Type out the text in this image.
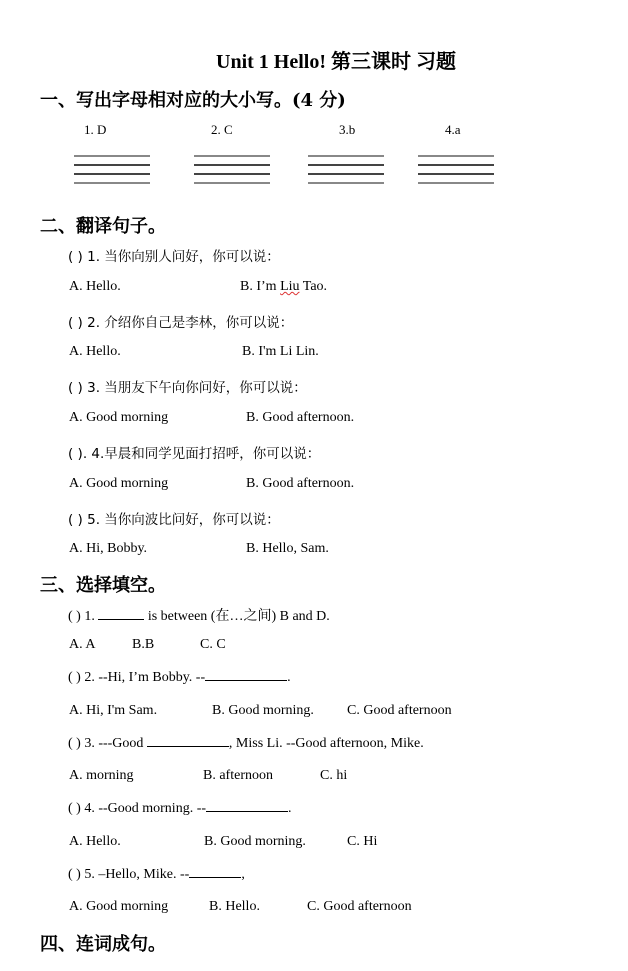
Unit 1 Hello! 第三课时 习题
一、写出字母相对应的大小写。(4 分)
1. D	2. C	3.b	4.a
二、翻译句子。
( ) 1. 当你向别人问好，你可以说：
A. Hello.	B. I’m Liu Tao.
( ) 2. 介绍你自己是李林，你可以说：
A. Hello.	B. I'm Li Lin.
( ) 3. 当朋友下午向你问好，你可以说：
A. Good morning	B. Good afternoon.
( ). 4.早晨和同学见面打招呼，你可以说：
A. Good morning	B. Good afternoon.
( ) 5. 当你向波比问好，你可以说：
A. Hi, Bobby.	B. Hello, Sam.
三、选择填空。
( ) 1.	is between (在…之间) B and D.
A. A	B.B	C. C
( ) 2. --Hi, I’m Bobby. --	.
A. Hi, I'm Sam.	B. Good morning. C. Good afternoon
( ) 3. ---Good	, Miss Li. --Good afternoon, Mike.
A. morning	B. afternoon	C. hi
( ) 4. --Good morning. --	.
A. Hello.	B. Good morning.	C. Hi
( ) 5. –Hello, Mike. --	,
A. Good morning	B. Hello.	C. Good afternoon
四、连词成句。
